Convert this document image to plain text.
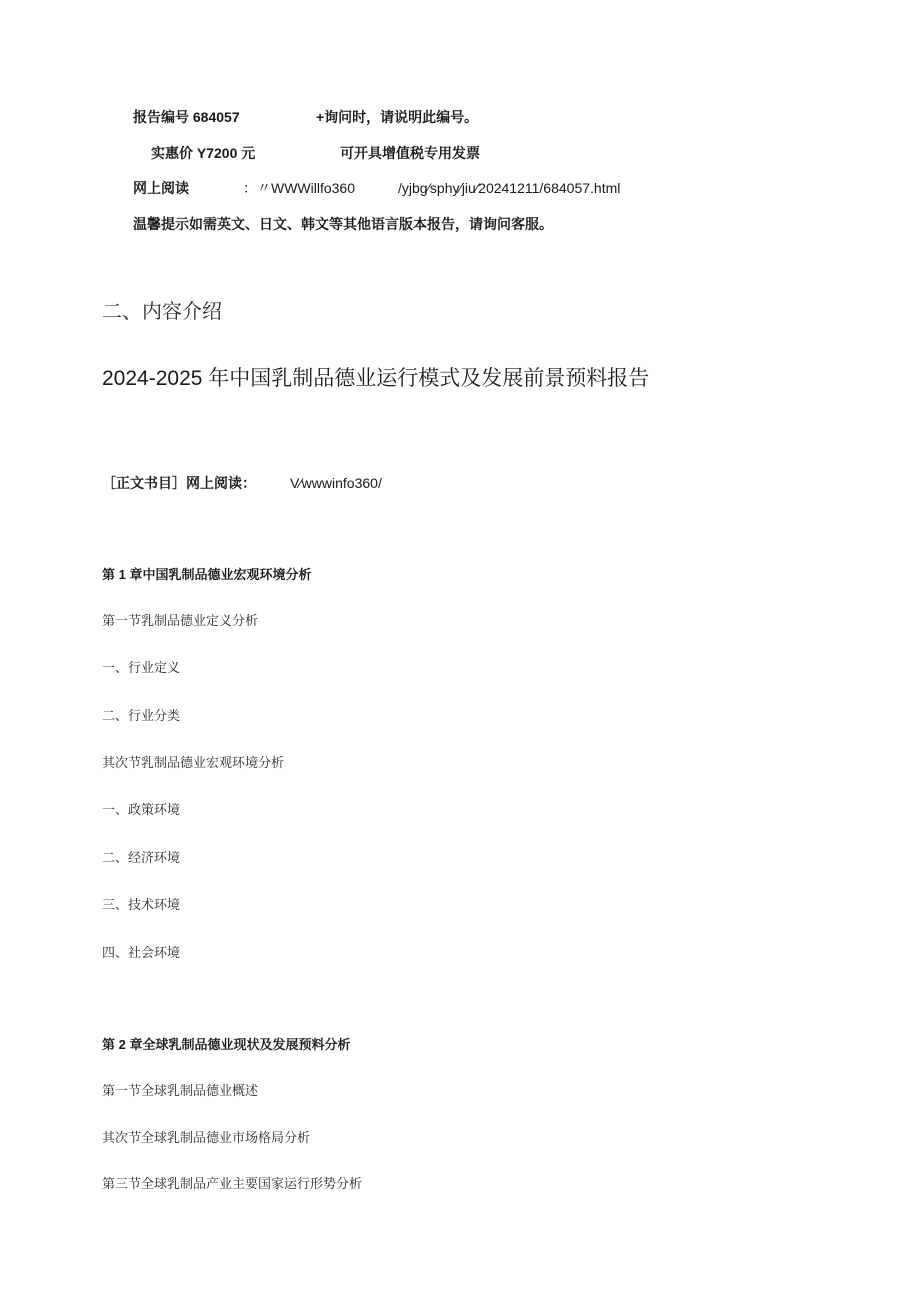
报告编号 684057	+询问时，请说明此编号。
实惠价 Y7200 元	可开具增值税专用发票
网上阅读	：〃WWWillfo360	/yjbg∕sphy∕jiu∕20241211/684057.html
温馨提示如需英文、日文、韩文等其他语言版本报告，请询问客服。
二、内容介绍
2024-2025 年中国乳制品德业运行模式及发展前景预料报告
［正文书目］网上阅读： V∕wwwinfo360/
第 1 章中国乳制品德业宏观环境分析
第一节乳制品德业定义分析
一、行业定义
二、行业分类
其次节乳制品德业宏观环境分析
一、政策环境
二、经济环境
三、技术环境
四、社会环境
第 2 章全球乳制品德业现状及发展预料分析
第一节全球乳制品德业概述
其次节全球乳制品德业市场格局分析
第三节全球乳制品产业主要国家运行形势分析
